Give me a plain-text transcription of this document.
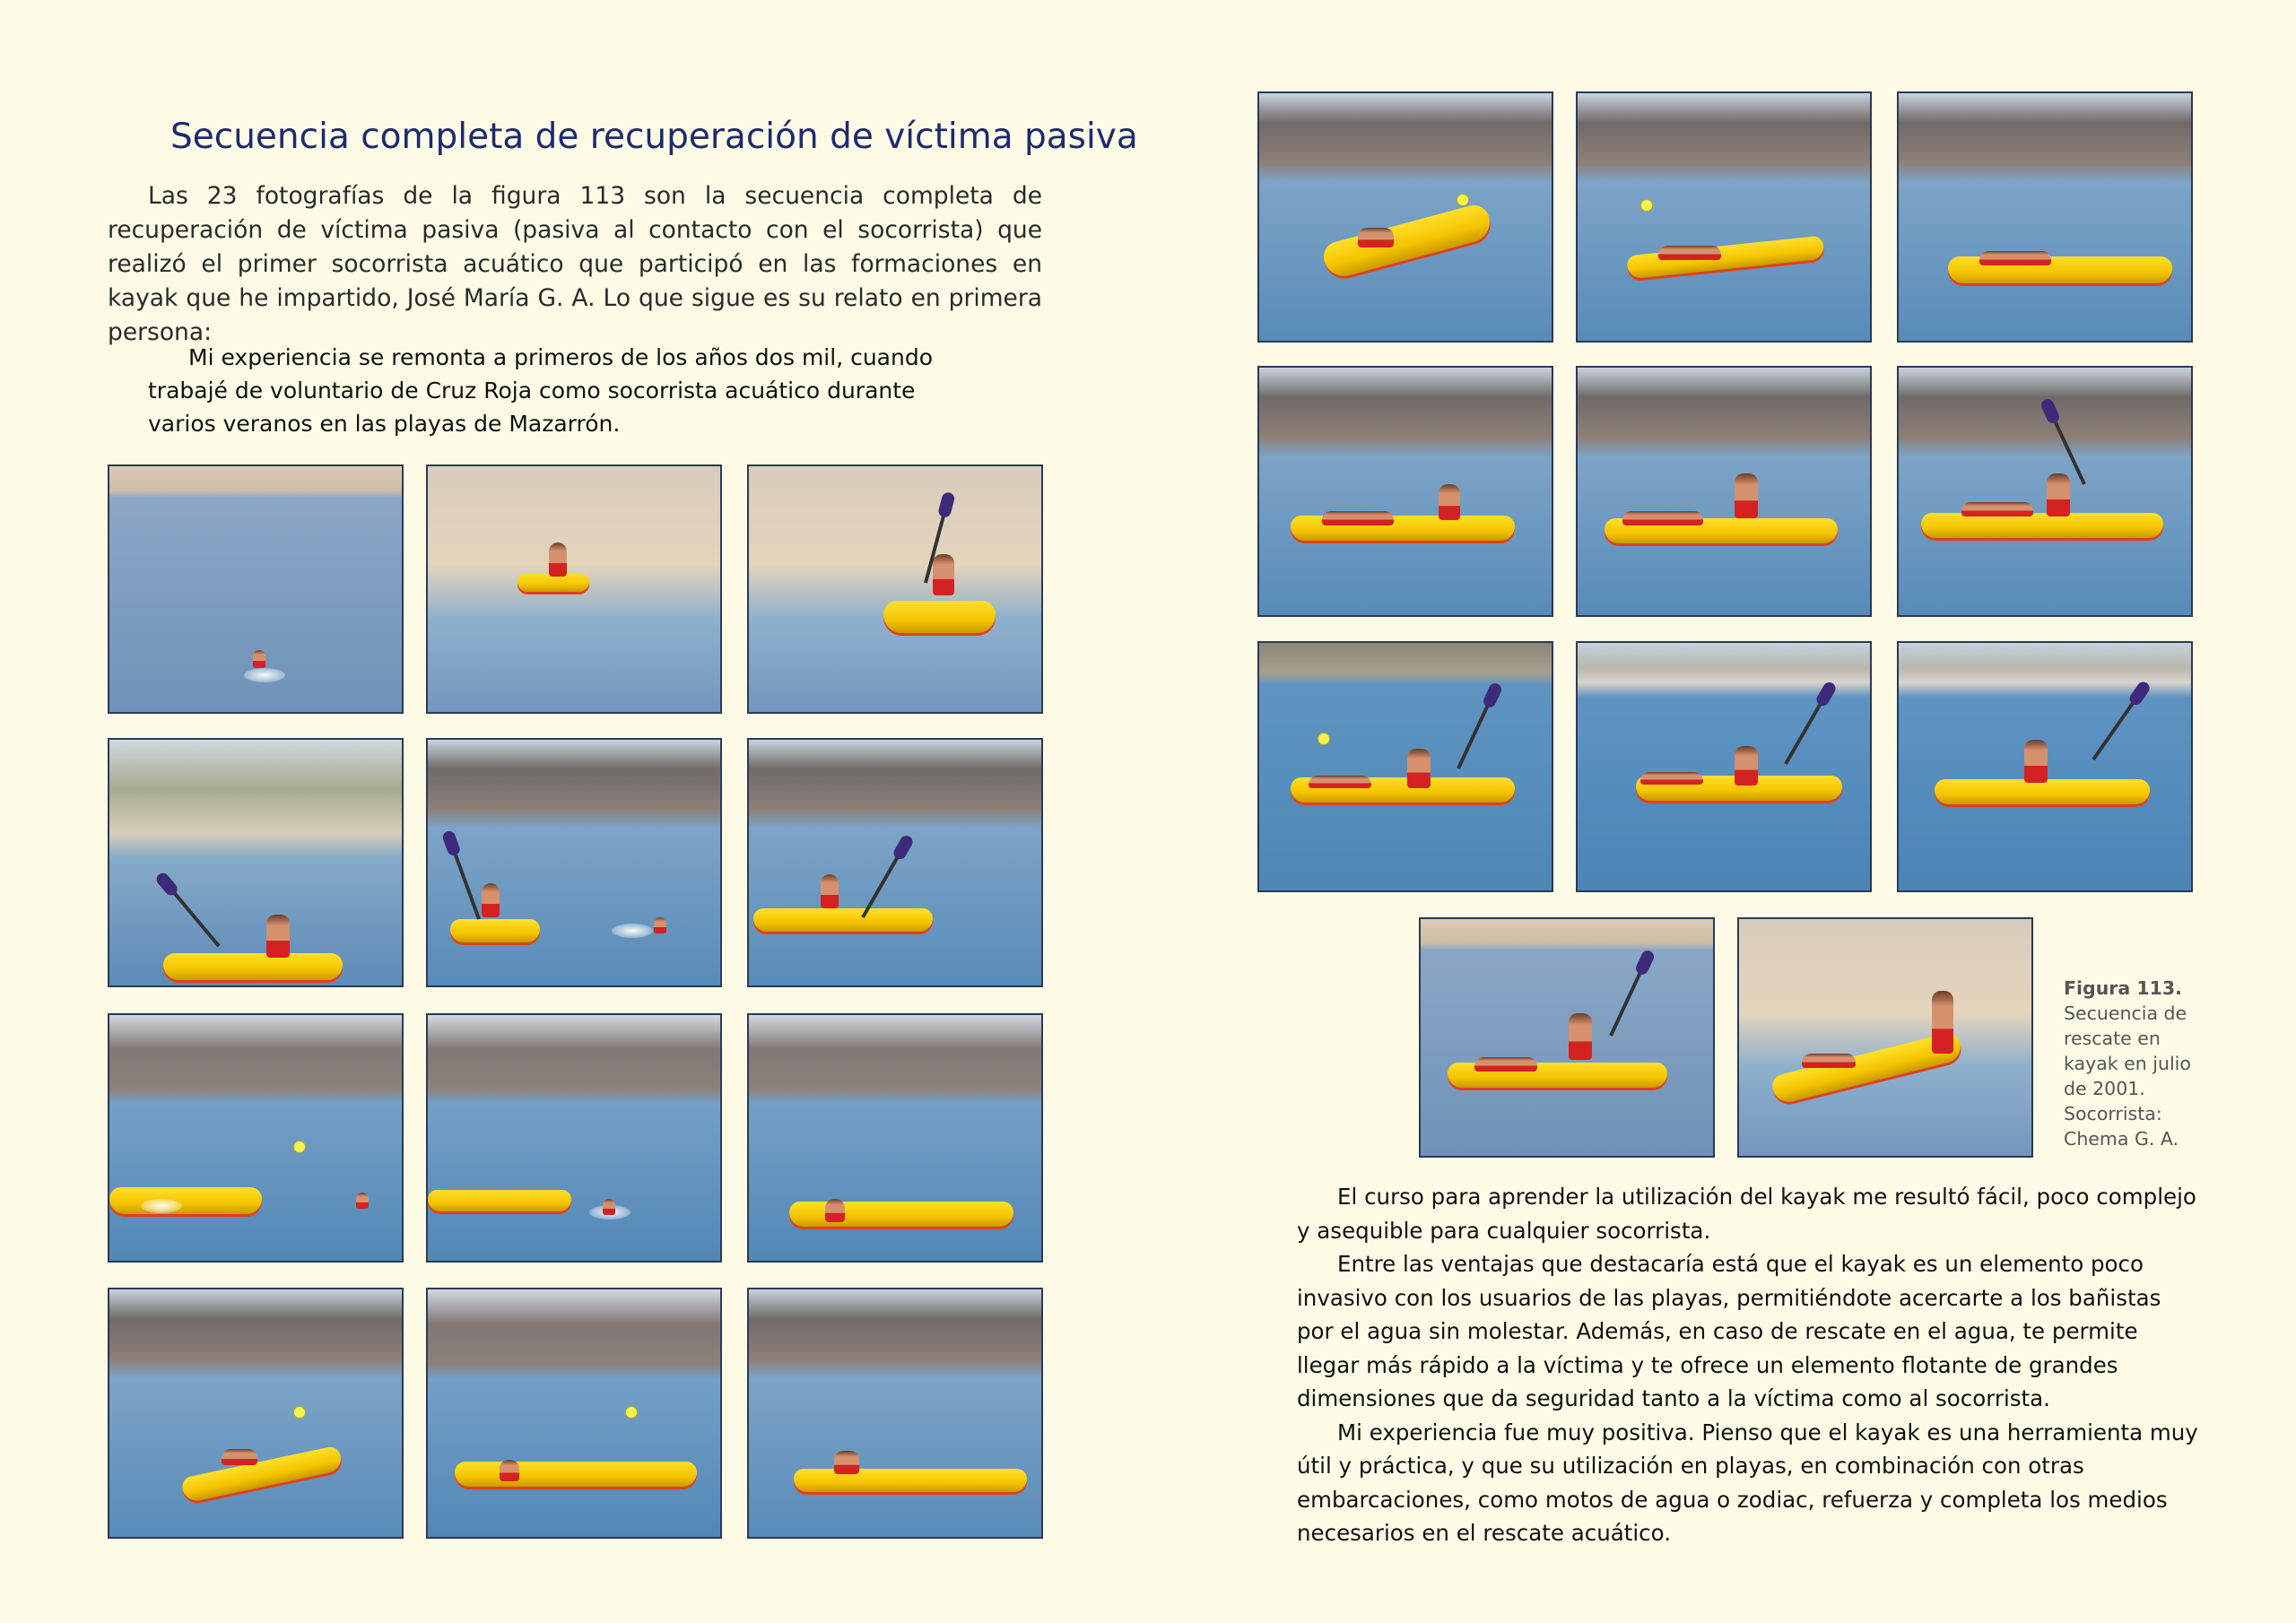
Secuencia completa de recuperación de víctima pasiva

Las 23 fotografías de la figura 113 son la secuencia completa de recuperación de víctima pasiva (pasiva al contacto con el socorrista) que realizó el primer socorrista acuático que participó en las formaciones en kayak que he impartido, José María G. A. Lo que sigue es su relato en primera persona:

Mi experiencia se remonta a primeros de los años dos mil, cuando trabajé de voluntario de Cruz Roja como socorrista acuático durante varios veranos en las playas de Mazarrón.

Figura 113.
Secuencia de rescate en kayak en julio de 2001. Socorrista: Chema G. A.

El curso para aprender la utilización del kayak me resultó fácil, poco complejo y asequible para cualquier socorrista.

Entre las ventajas que destacaría está que el kayak es un elemento poco invasivo con los usuarios de las playas, permitiéndote acercarte a los bañistas por el agua sin molestar. Además, en caso de rescate en el agua, te permite llegar más rápido a la víctima y te ofrece un elemento flotante de grandes dimensiones que da seguridad tanto a la víctima como al socorrista.

Mi experiencia fue muy positiva. Pienso que el kayak es una herramienta muy útil y práctica, y que su utilización en playas, en combinación con otras embarcaciones, como motos de agua o zodiac, refuerza y completa los medios necesarios en el rescate acuático.
